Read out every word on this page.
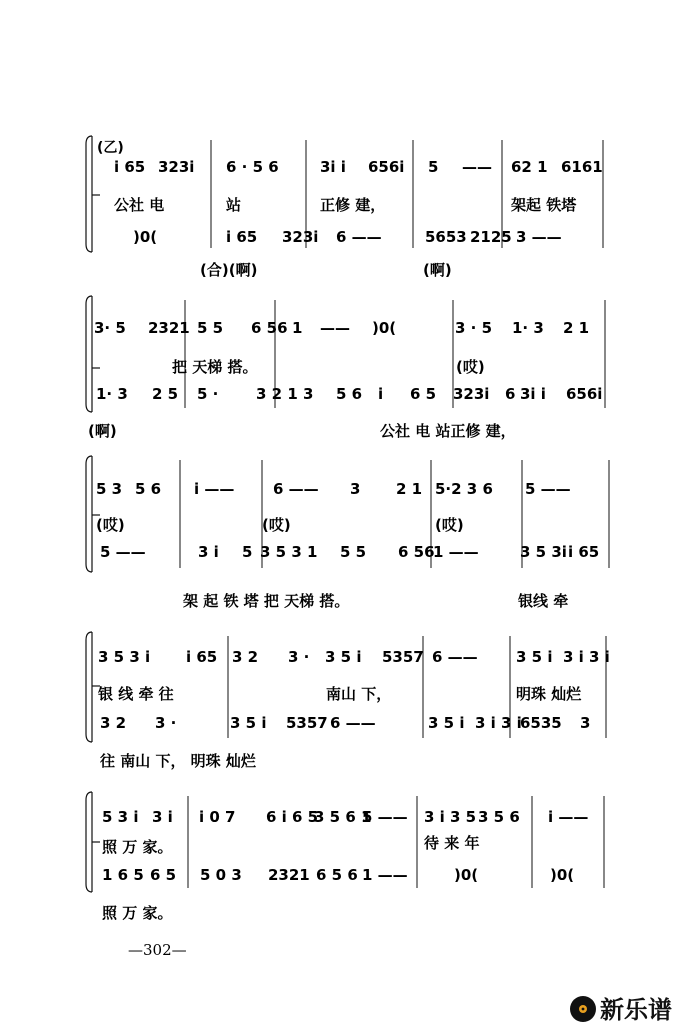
(乙)
i 65 323i 6 · 5 6	3i i 656i 5 —— 62 1 6161
公社 电	站	正修 建，	架起 铁塔
)0(	i 65 323i 6 ——	5653 2125 3 ——
(合)(啊)	(啊)
3· 5 2321 5 5 6 56 1 —— )0(	3 · 5 1· 3 2 1
把 天梯 搭。	(哎)
1· 3 2 5 5 ·	3 2 1 3 5 6 i 6 5 323i 6 3i i 656i
(啊)	公社 电 站正修 建，
5 3 5 6 i ——	6 —— 3 2 1 5·2 3 6 5 ——
(哎)	(哎)	(哎)
5 ——	3 i 5 3 5 3 1 5 5 6 56
1 ——	3 5 3i i 65
架 起 铁 塔 把 天梯 搭。	银线 牵
3 5 3 i i 65 3 2 3 · 3 5 i 5357 6 ——	3 5 i 3 i 3 i
银 线 牵 往	南山 下，	明珠 灿烂
3 2 3 ·	3 5 i 5357 6 ——	3 5 i 3 i 3 i
6535 3
往 南山 下， 明珠 灿烂
5 3 i 3 i i 0 7 6 i 6 5
3 5 6 1
5 —— 3 i 3 5 3 5 6 i ——
照 万 家。	待 来 年
1 6 5 6 5 5 0 3 2321 6 5 6 1 ——	)0(	)0(
照 万 家。
—302—
新乐谱
